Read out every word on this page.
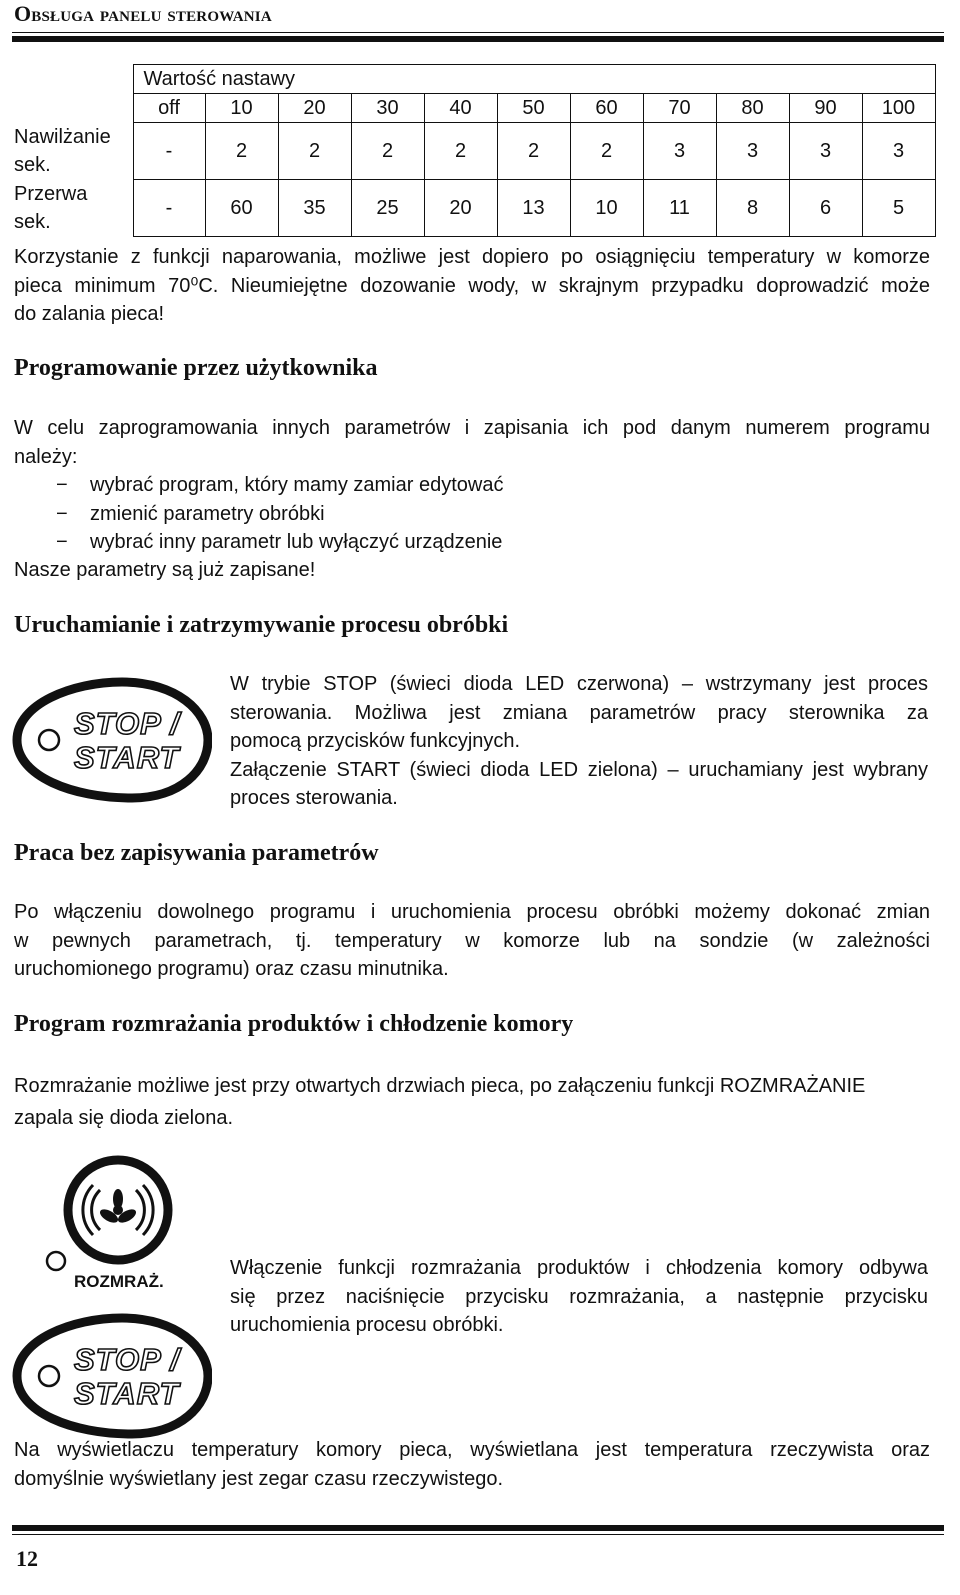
Obsługa panelu sterowania
	Wartość nastawy										
	off	10	20	30	40	50	60	70	80	90	100
Nawilżanie
sek.	-	2	2	2	2	2	2	3	3	3	3
Przerwa
sek.	-	60	35	25	20	13	10	11	8	6	5
Korzystanie z funkcji naparowania, możliwe jest dopiero po osiągnięciu temperatury w komorze
pieca minimum 70⁰C. Nieumiejętne dozowanie wody, w skrajnym przypadku doprowadzić może
do zalania pieca!
Programowanie przez użytkownika
W celu zaprogramowania innych parametrów i zapisania ich pod danym numerem programu
należy:
− wybrać program, który mamy zamiar edytować
− zmienić parametry obróbki
− wybrać inny parametr lub wyłączyć urządzenie
Nasze parametry są już zapisane!
Uruchamianie i zatrzymywanie procesu obróbki
STOP /
START
W trybie STOP (świeci dioda LED czerwona) – wstrzymany jest proces
sterowania. Możliwa jest zmiana parametrów pracy sterownika za
pomocą przycisków funkcyjnych.
Załączenie START (świeci dioda LED zielona) – uruchamiany jest wybrany
proces sterowania.
Praca bez zapisywania parametrów
Po włączeniu dowolnego programu i uruchomienia procesu obróbki możemy dokonać zmian
w pewnych parametrach, tj. temperatury w komorze lub na sondzie (w zależności
uruchomionego programu) oraz czasu minutnika.
Program rozmrażania produktów i chłodzenie komory
Rozmrażanie możliwe jest przy otwartych drzwiach pieca, po załączeniu funkcji ROZMRAŻANIE
zapala się dioda zielona.
ROZMRAŻ.
STOP /
START
Włączenie funkcji rozmrażania produktów i chłodzenia komory odbywa
się przez naciśnięcie przycisku rozmrażania, a następnie przycisku
uruchomienia procesu obróbki.
Na wyświetlaczu temperatury komory pieca, wyświetlana jest temperatura rzeczywista oraz
domyślnie wyświetlany jest zegar czasu rzeczywistego.
12
